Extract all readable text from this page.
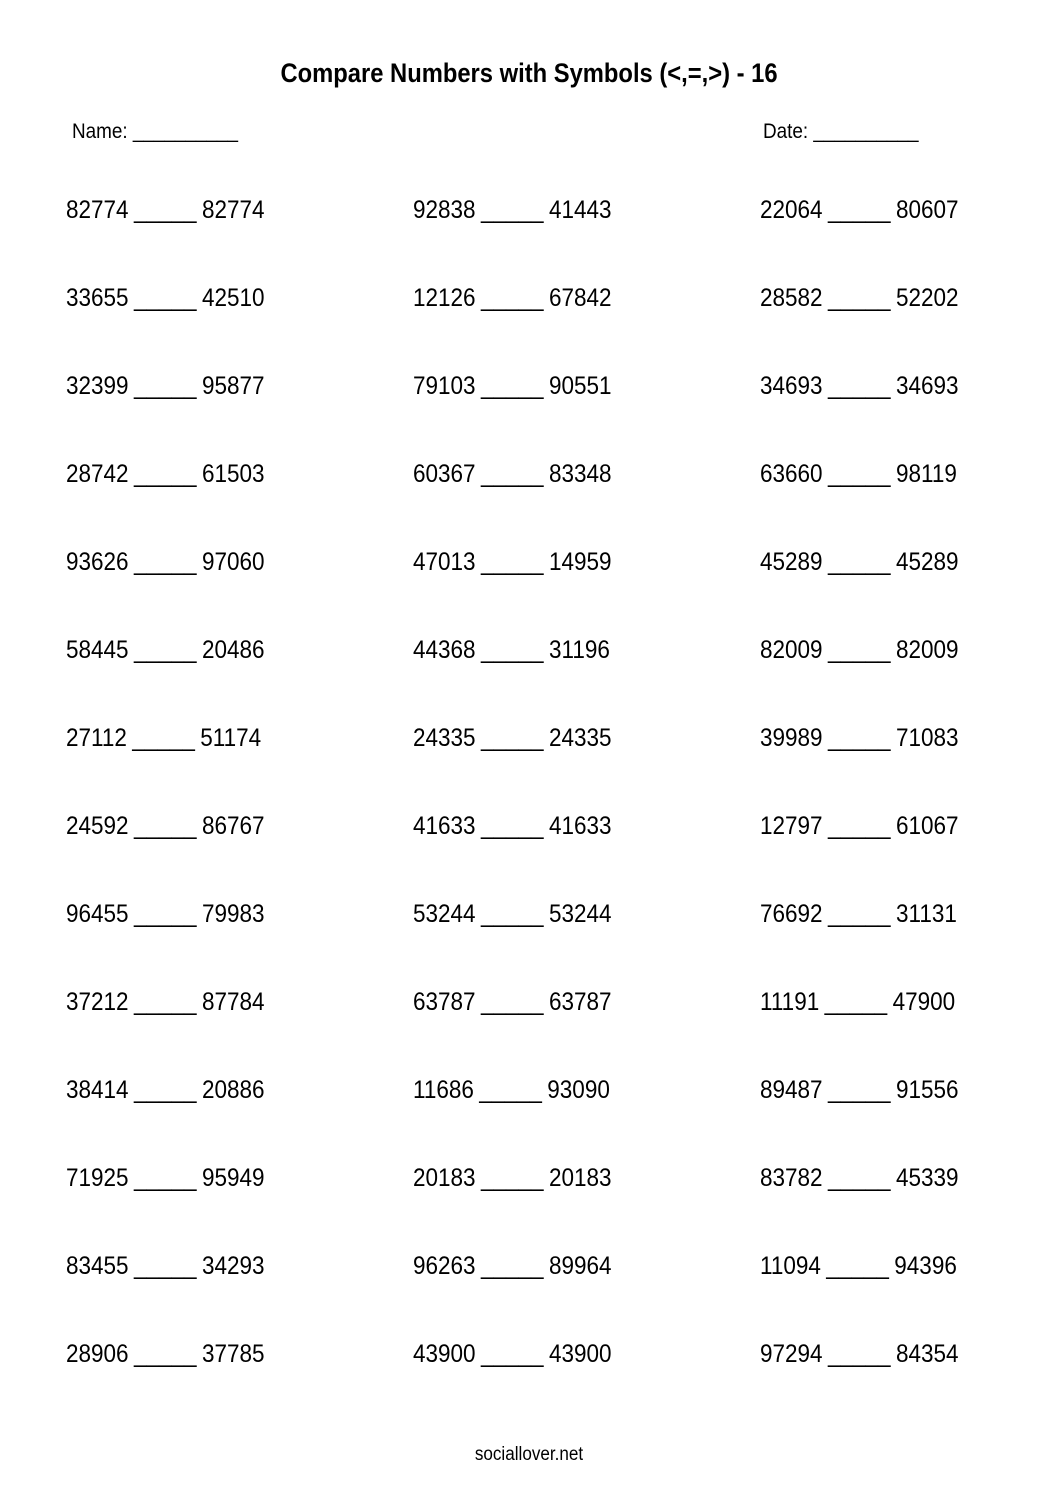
Compare Numbers with Symbols (<,=,>) - 16
Name: __________	Date: __________
82774 _____ 82774	92838 _____ 41443	22064 _____ 80607
33655 _____ 42510	12126 _____ 67842	28582 _____ 52202
32399 _____ 95877	79103 _____ 90551	34693 _____ 34693
28742 _____ 61503	60367 _____ 83348	63660 _____ 98119
93626 _____ 97060	47013 _____ 14959	45289 _____ 45289
58445 _____ 20486	44368 _____ 31196	82009 _____ 82009
27112 _____ 51174	24335 _____ 24335	39989 _____ 71083
24592 _____ 86767	41633 _____ 41633	12797 _____ 61067
96455 _____ 79983	53244 _____ 53244	76692 _____ 31131
37212 _____ 87784	63787 _____ 63787	11191 _____ 47900
38414 _____ 20886	11686 _____ 93090	89487 _____ 91556
71925 _____ 95949	20183 _____ 20183	83782 _____ 45339
83455 _____ 34293	96263 _____ 89964	11094 _____ 94396
28906 _____ 37785	43900 _____ 43900	97294 _____ 84354
sociallover.net
